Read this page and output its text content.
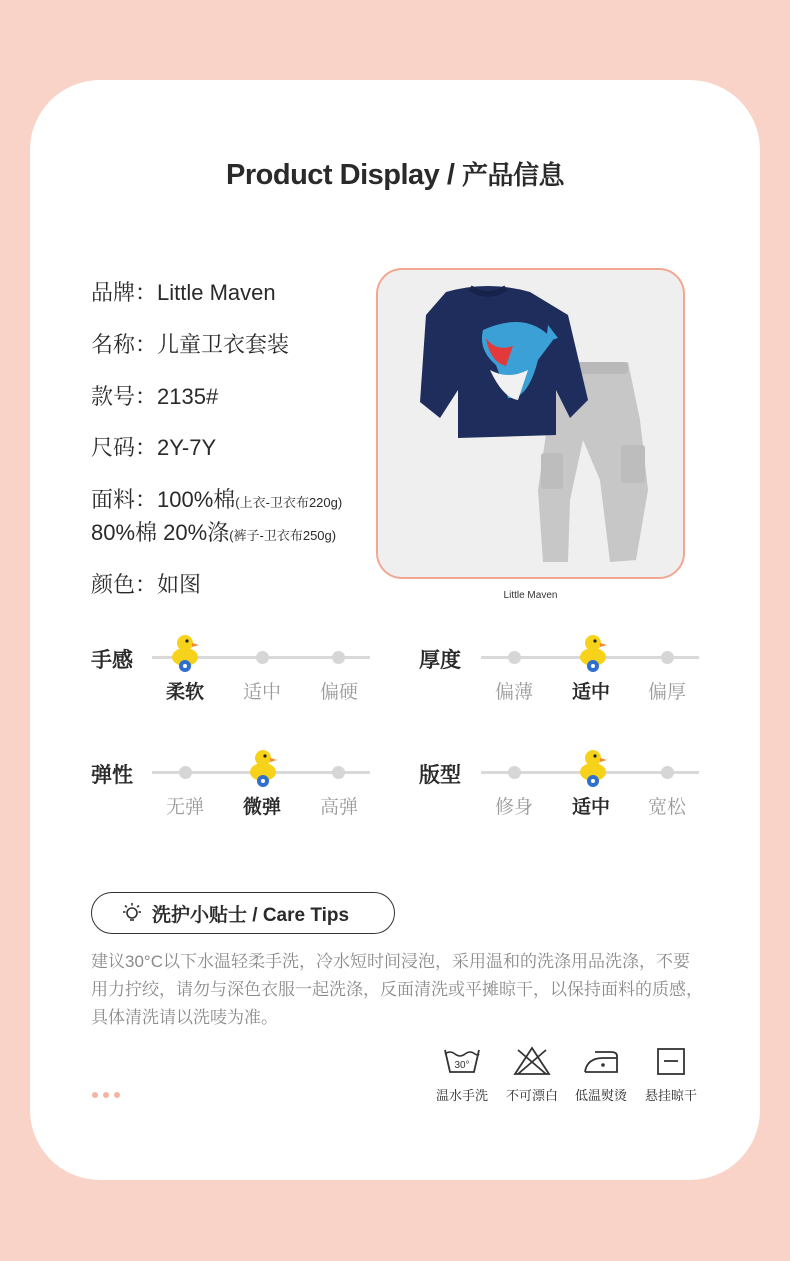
Product Display / 产品信息
品牌：Little Maven
名称：儿童卫衣套装
款号：2135#
尺码：2Y-7Y
面料：100%棉(上衣-卫衣布220g)
80%棉 20%涤(裤子-卫衣布250g)
颜色：如图	Little Maven
手感
柔软	适中	偏硬
厚度
偏薄	适中	偏厚
弹性
无弹	微弹	高弹
版型
修身	适中	宽松
洗护小贴士 / Care Tips
建议30°C以下水温轻柔手洗，冷水短时间浸泡，采用温和的洗涤用品洗涤，不要用力拧绞，请勿与深色衣服一起洗涤，反面清洗或平摊晾干，以保持面料的质感，具体清洗请以洗唛为准。
30°
温水手洗	不可漂白	低温熨烫	悬挂晾干
